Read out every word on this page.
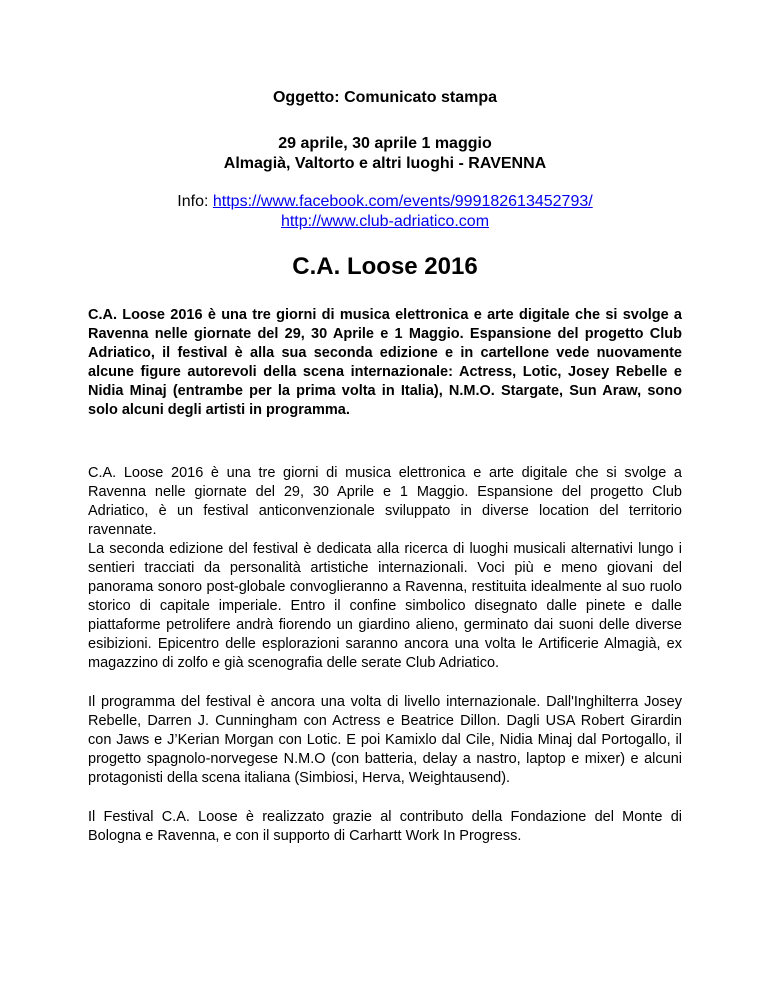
Oggetto: Comunicato stampa

29 aprile, 30 aprile 1 maggio
Almagià, Valtorto e altri luoghi - RAVENNA
Info: https://www.facebook.com/events/999182613452793/
http://www.club-adriatico.com
C.A. Loose 2016

C.A. Loose 2016 è una tre giorni di musica elettronica e arte digitale che si svolge a Ravenna nelle giornate del 29, 30 Aprile e 1 Maggio. Espansione del progetto Club Adriatico, il festival è alla sua seconda edizione e in cartellone vede nuovamente alcune figure autorevoli della scena internazionale: Actress, Lotic, Josey Rebelle e Nidia Minaj (entrambe per la prima volta in Italia), N.M.O. Stargate, Sun Araw, sono solo alcuni degli artisti in programma.

C.A. Loose 2016 è una tre giorni di musica elettronica e arte digitale che si svolge a Ravenna nelle giornate del 29, 30 Aprile e 1 Maggio. Espansione del progetto Club Adriatico, è un festival anticonvenzionale sviluppato in diverse location del territorio ravennate.

La seconda edizione del festival è dedicata alla ricerca di luoghi musicali alternativi lungo i sentieri tracciati da personalità artistiche internazionali. Voci più e meno giovani del panorama sonoro post-globale convoglieranno a Ravenna, restituita idealmente al suo ruolo storico di capitale imperiale. Entro il confine simbolico disegnato dalle pinete e dalle piattaforme petrolifere andrà fiorendo un giardino alieno, germinato dai suoni delle diverse esibizioni. Epicentro delle esplorazioni saranno ancora una volta le Artificerie Almagià, ex magazzino di zolfo e già scenografia delle serate Club Adriatico.

Il programma del festival è ancora una volta di livello internazionale. Dall'Inghilterra Josey Rebelle, Darren J. Cunningham con Actress e Beatrice Dillon. Dagli USA Robert Girardin con Jaws e J’Kerian Morgan con Lotic. E poi Kamixlo dal Cile, Nidia Minaj dal Portogallo, il progetto spagnolo-norvegese N.M.O (con batteria, delay a nastro, laptop e mixer) e alcuni protagonisti della scena italiana (Simbiosi, Herva, Weightausend).

Il Festival C.A. Loose è realizzato grazie al contributo della Fondazione del Monte di Bologna e Ravenna, e con il supporto di Carhartt Work In Progress.
